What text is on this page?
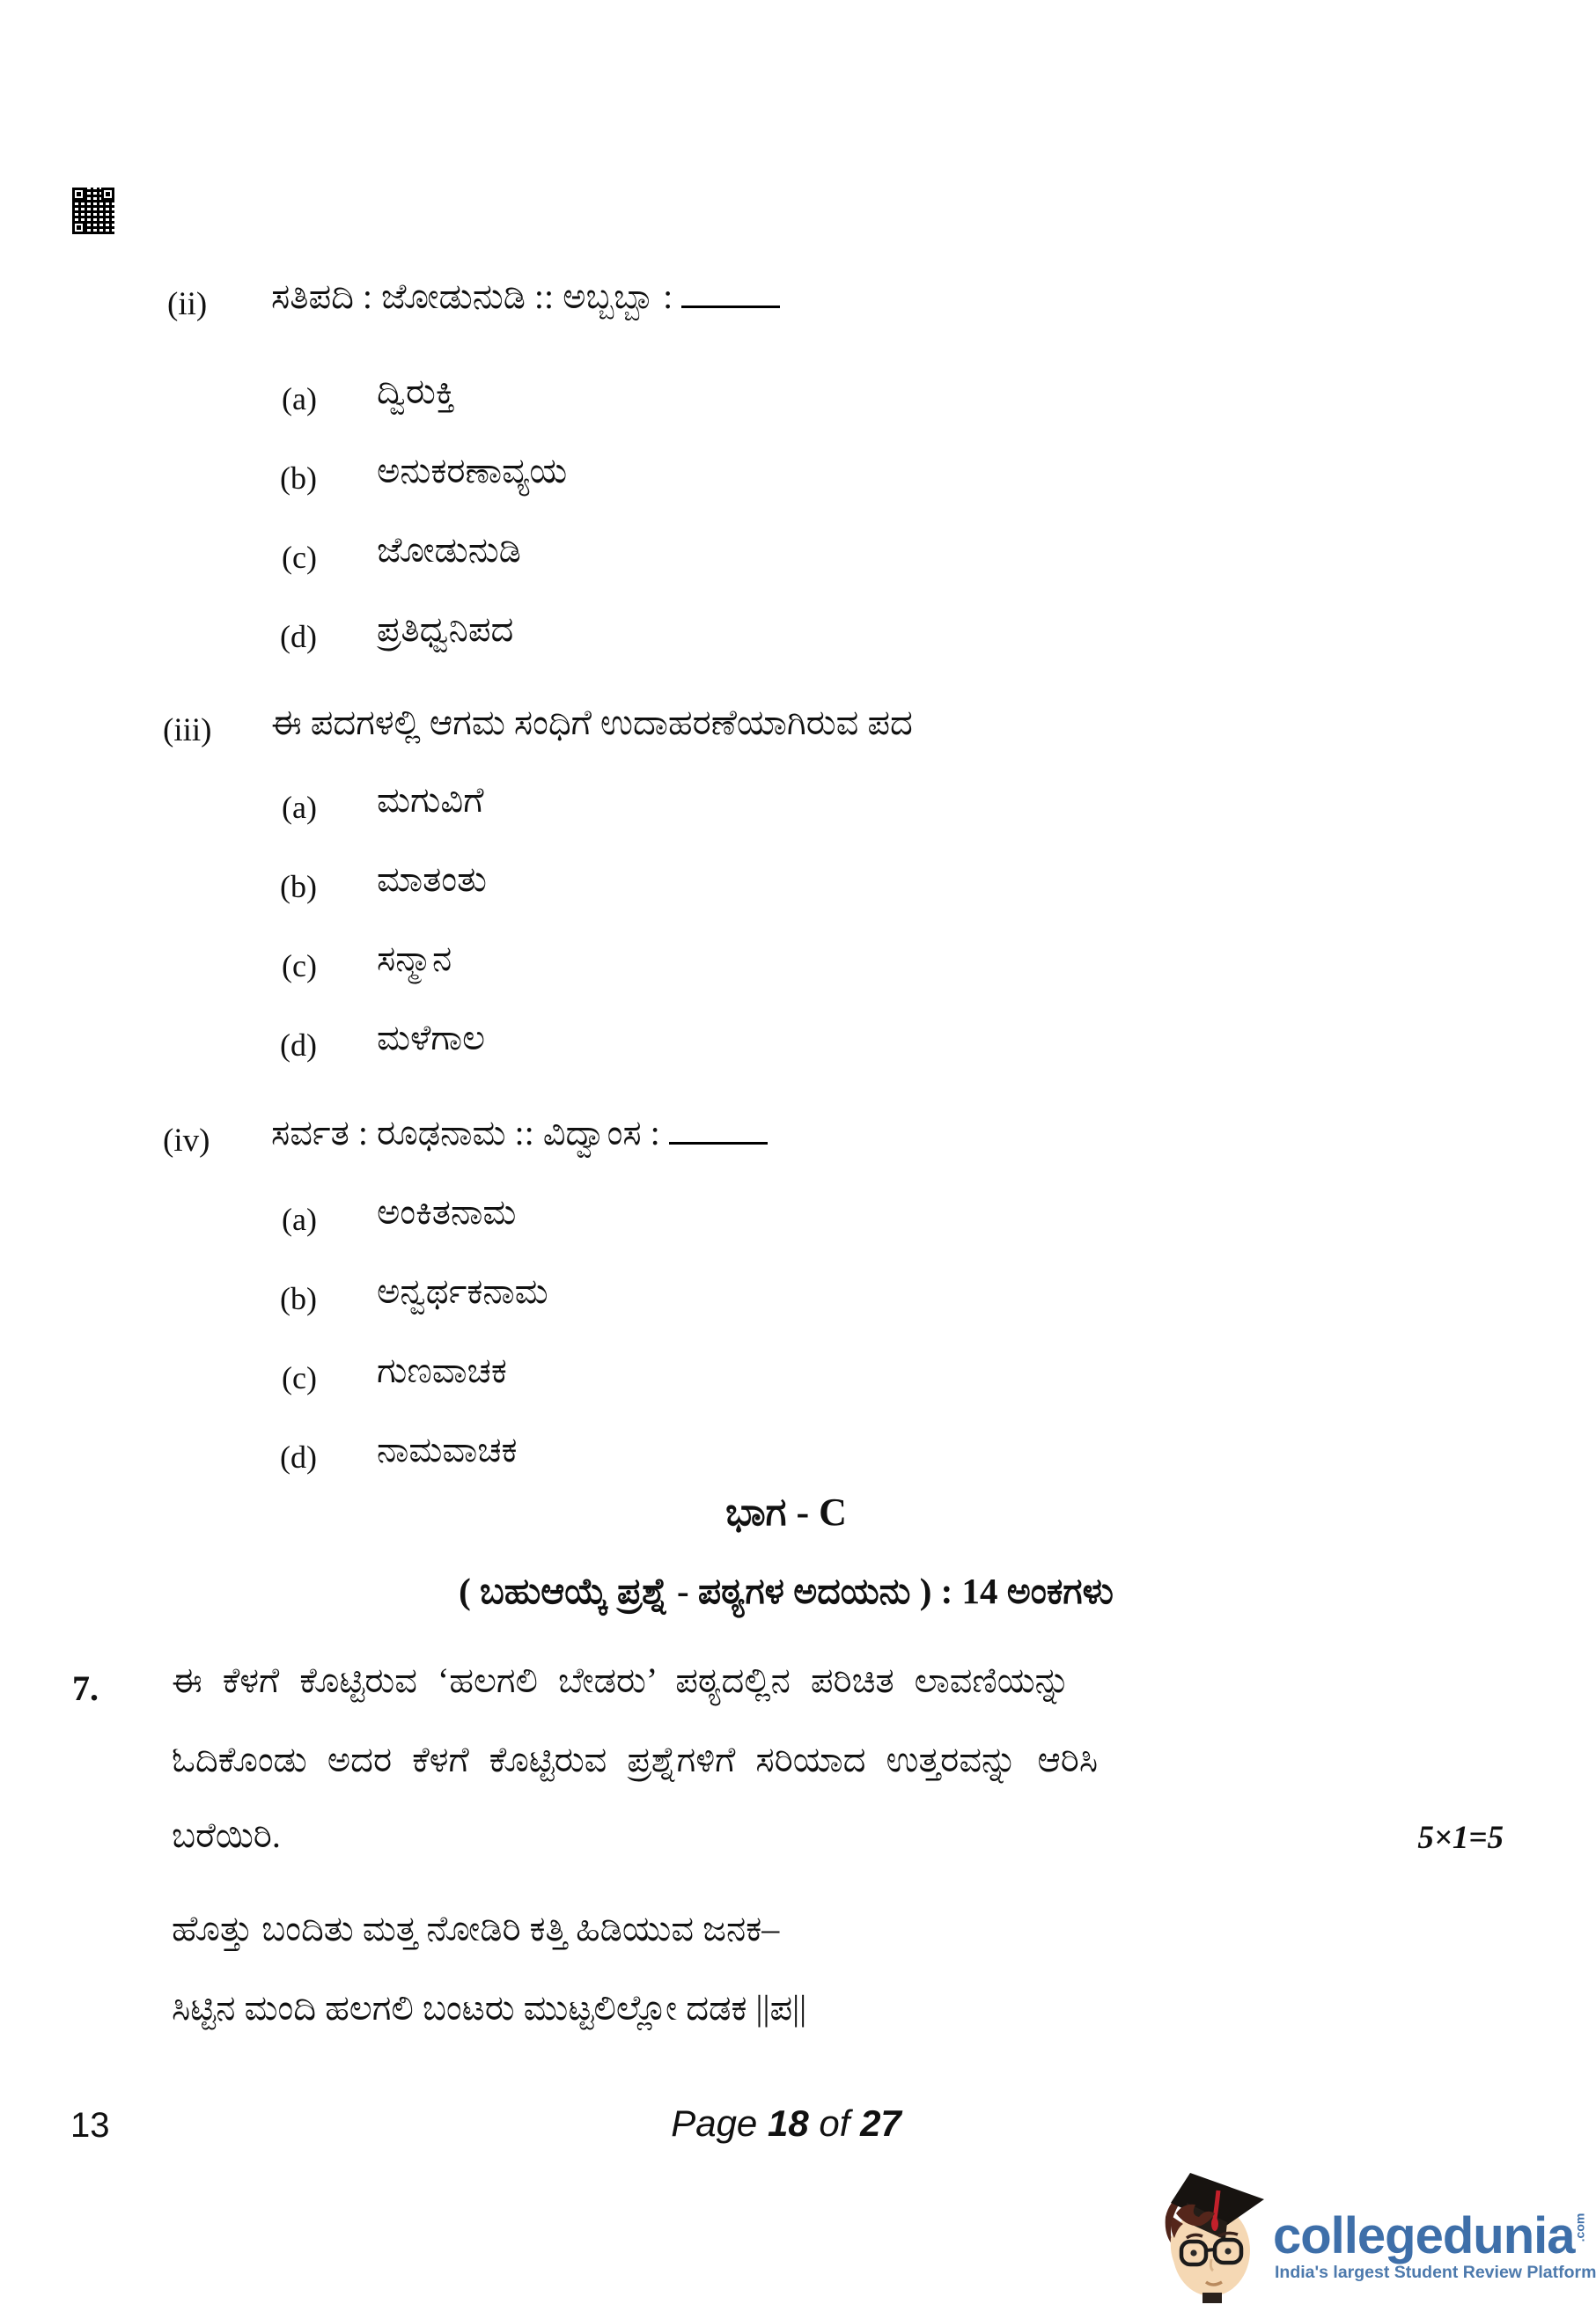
(ii) ಸತಿಪದಿ : ಜೋಡುನುಡಿ :: ಅಬ್ಬಬ್ಬಾ :
(a) ದ್ವಿರುಕ್ತಿ
(b) ಅನುಕರಣಾವ್ಯಯ
(c) ಜೋಡುನುಡಿ
(d) ಪ್ರತಿಧ್ವನಿಪದ
(iii) ಈ ಪದಗಳಲ್ಲಿ ಆಗಮ ಸಂಧಿಗೆ ಉದಾಹರಣೆಯಾಗಿರುವ ಪದ
(a) ಮಗುವಿಗೆ
(b) ಮಾತಂತು
(c) ಸನ್ಮಾನ
(d) ಮಳೆಗಾಲ
(iv) ಸರ್ವತ : ರೂಢನಾಮ :: ವಿದ್ವಾಂಸ :
(a) ಅಂಕಿತನಾಮ
(b) ಅನ್ವರ್ಥಕನಾಮ
(c) ಗುಣವಾಚಕ
(d) ನಾಮವಾಚಕ
ಭಾಗ - C
( ಬಹುಆಯ್ಕೆ ಪ್ರಶ್ನೆ - ಪಠ್ಯಗಳ ಅದಯನು ) : 14 ಅಂಕಗಳು
7. ಈ ಕೆಳಗೆ ಕೊಟ್ಟಿರುವ ‘ಹಲಗಲಿ ಬೇಡರು’ ಪಠ್ಯದಲ್ಲಿನ ಪರಿಚಿತ ಲಾವಣಿಯನ್ನು
ಓದಿಕೊಂಡು ಅದರ ಕೆಳಗೆ ಕೊಟ್ಟಿರುವ ಪ್ರಶ್ನೆಗಳಿಗೆ ಸರಿಯಾದ ಉತ್ತರವನ್ನು ಆರಿಸಿ
ಬರೆಯಿರಿ.	5×1=5
ಹೊತ್ತು ಬಂದಿತು ಮತ್ತ ನೋಡಿರಿ ಕತ್ತಿ ಹಿಡಿಯುವ ಜನಕ–
ಸಿಟ್ಟಿನ ಮಂದಿ ಹಲಗಲಿ ಬಂಟರು ಮುಟ್ಟಲಿಲ್ಲೋ ದಡಕ ||ಪ||
13	Page 18 of 27
collegedunia
.com
India's largest Student Review Platform
